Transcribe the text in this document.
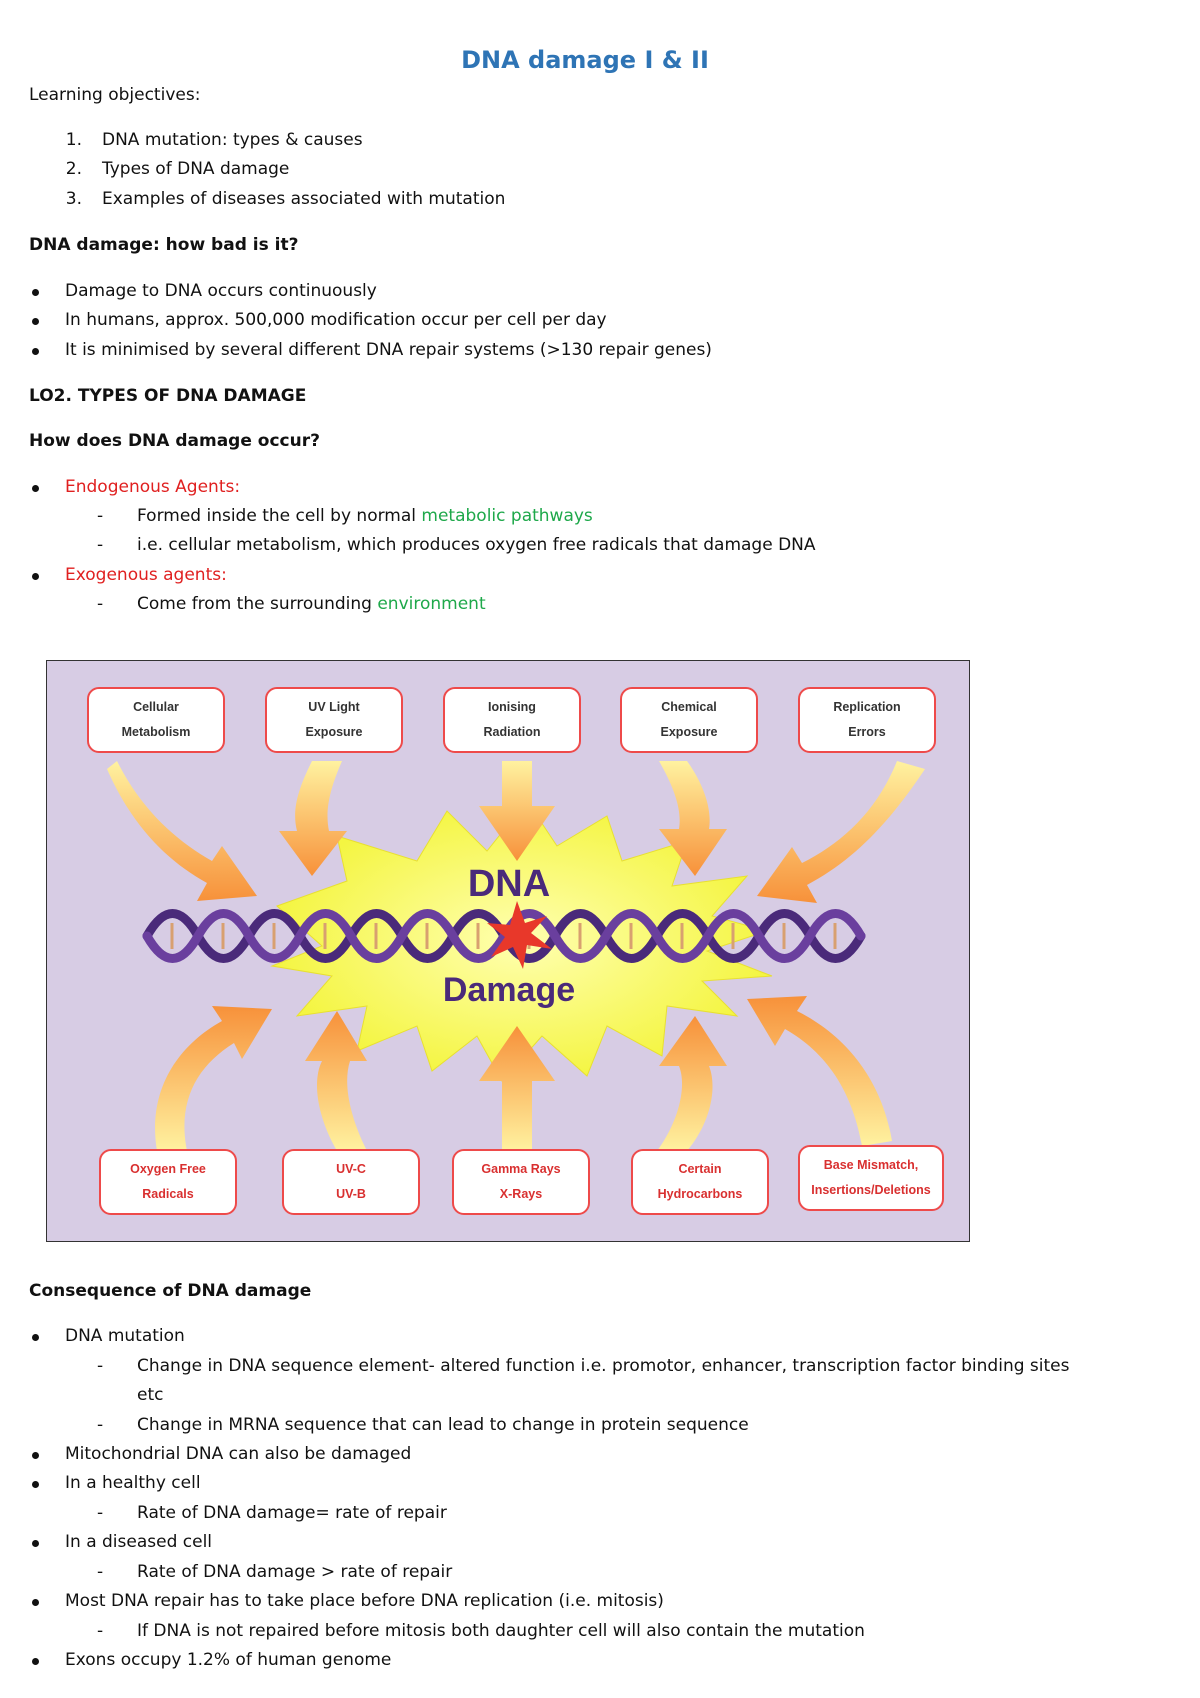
DNA damage I & II
Learning objectives:
1. DNA mutation: types & causes
2. Types of DNA damage
3. Examples of diseases associated with mutation
DNA damage: how bad is it?
Damage to DNA occurs continuously
In humans, approx. 500,000 modification occur per cell per day
It is minimised by several different DNA repair systems (>130 repair genes)
LO2. TYPES OF DNA DAMAGE
How does DNA damage occur?
Endogenous Agents:
- Formed inside the cell by normal metabolic pathways
- i.e. cellular metabolism, which produces oxygen free radicals that damage DNA
Exogenous agents:
- Come from the surrounding environment
DNA
Damage
Cellular
Metabolism
UV Light
Exposure
Ionising
Radiation
Chemical
Exposure
Replication
Errors
Oxygen Free
Radicals
UV-C
UV-B
Gamma Rays
X-Rays
Certain
Hydrocarbons
Base Mismatch,
Insertions/Deletions
Consequence of DNA damage
DNA mutation
- Change in DNA sequence element- altered function i.e. promotor, enhancer, transcription factor binding sites
etc
- Change in MRNA sequence that can lead to change in protein sequence
Mitochondrial DNA can also be damaged
In a healthy cell
- Rate of DNA damage= rate of repair
In a diseased cell
- Rate of DNA damage > rate of repair
Most DNA repair has to take place before DNA replication (i.e. mitosis)
- If DNA is not repaired before mitosis both daughter cell will also contain the mutation
Exons occupy 1.2% of human genome
